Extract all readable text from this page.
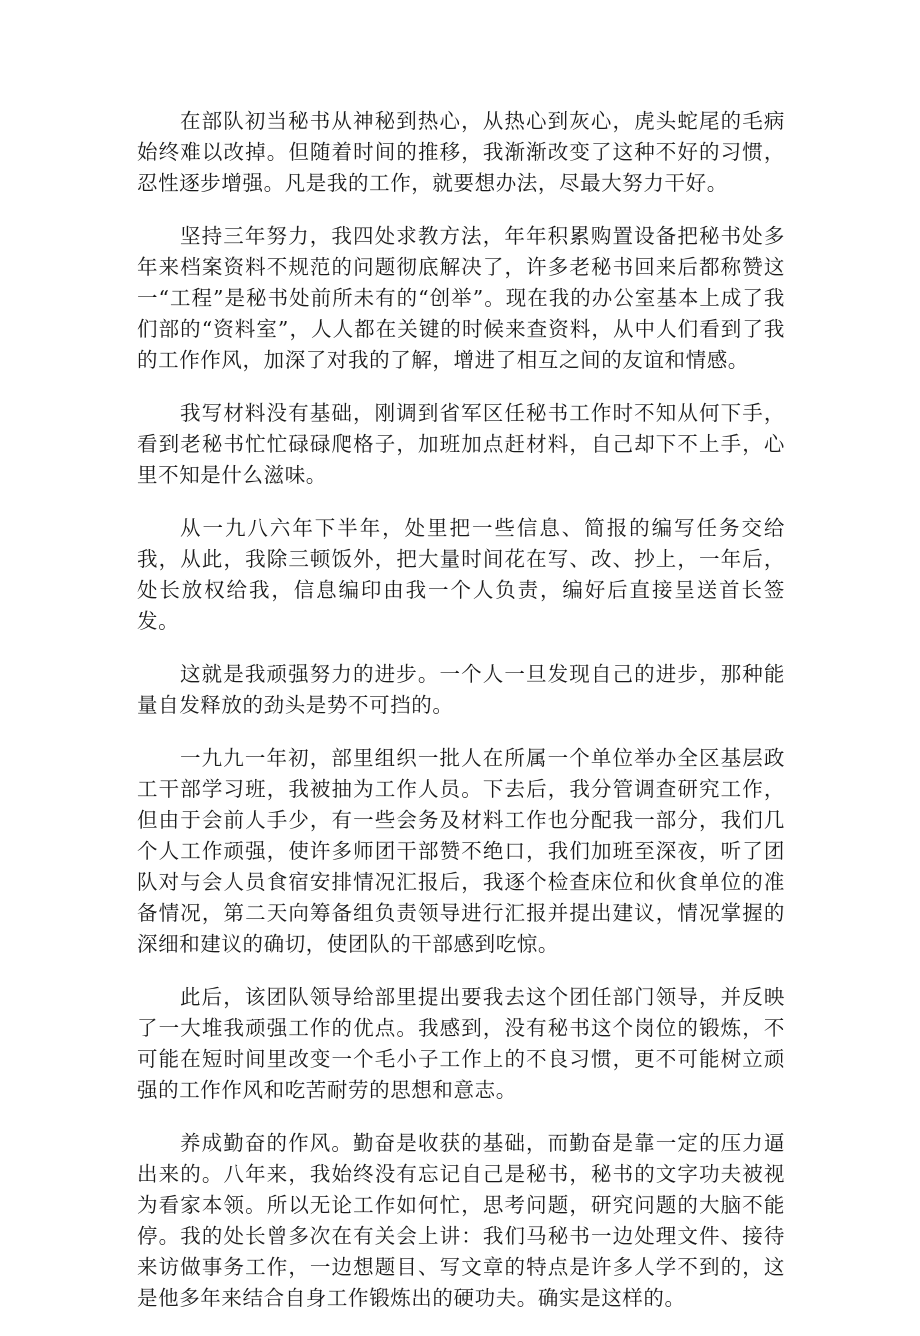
在部队初当秘书从神秘到热心，从热心到灰心，虎头蛇尾的毛病始终难以改掉。但随着时间的推移，我渐渐改变了这种不好的习惯，忍性逐步增强。凡是我的工作，就要想办法，尽最大努力干好。

坚持三年努力，我四处求教方法，年年积累购置设备把秘书处多年来档案资料不规范的问题彻底解决了，许多老秘书回来后都称赞这一“工程”是秘书处前所未有的“创举”。现在我的办公室基本上成了我们部的“资料室”，人人都在关键的时候来查资料，从中人们看到了我的工作作风，加深了对我的了解，增进了相互之间的友谊和情感。

我写材料没有基础，刚调到省军区任秘书工作时不知从何下手，看到老秘书忙忙碌碌爬格子，加班加点赶材料，自己却下不上手，心里不知是什么滋味。

从一九八六年下半年，处里把一些信息、简报的编写任务交给我，从此，我除三顿饭外，把大量时间花在写、改、抄上，一年后，处长放权给我，信息编印由我一个人负责，编好后直接呈送首长签发。

这就是我顽强努力的进步。一个人一旦发现自己的进步，那种能量自发释放的劲头是势不可挡的。

一九九一年初，部里组织一批人在所属一个单位举办全区基层政工干部学习班，我被抽为工作人员。下去后，我分管调查研究工作，但由于会前人手少，有一些会务及材料工作也分配我一部分，我们几个人工作顽强，使许多师团干部赞不绝口，我们加班至深夜，听了团队对与会人员食宿安排情况汇报后，我逐个检查床位和伙食单位的准备情况，第二天向筹备组负责领导进行汇报并提出建议，情况掌握的深细和建议的确切，使团队的干部感到吃惊。

此后，该团队领导给部里提出要我去这个团任部门领导，并反映了一大堆我顽强工作的优点。我感到，没有秘书这个岗位的锻炼，不可能在短时间里改变一个毛小子工作上的不良习惯，更不可能树立顽强的工作作风和吃苦耐劳的思想和意志。

养成勤奋的作风。勤奋是收获的基础，而勤奋是靠一定的压力逼出来的。八年来，我始终没有忘记自己是秘书，秘书的文字功夫被视为看家本领。所以无论工作如何忙，思考问题，研究问题的大脑不能停。我的处长曾多次在有关会上讲：我们马秘书一边处理文件、接待来访做事务工作，一边想题目、写文章的特点是许多人学不到的，这是他多年来结合自身工作锻炼出的硬功夫。确实是这样的。
